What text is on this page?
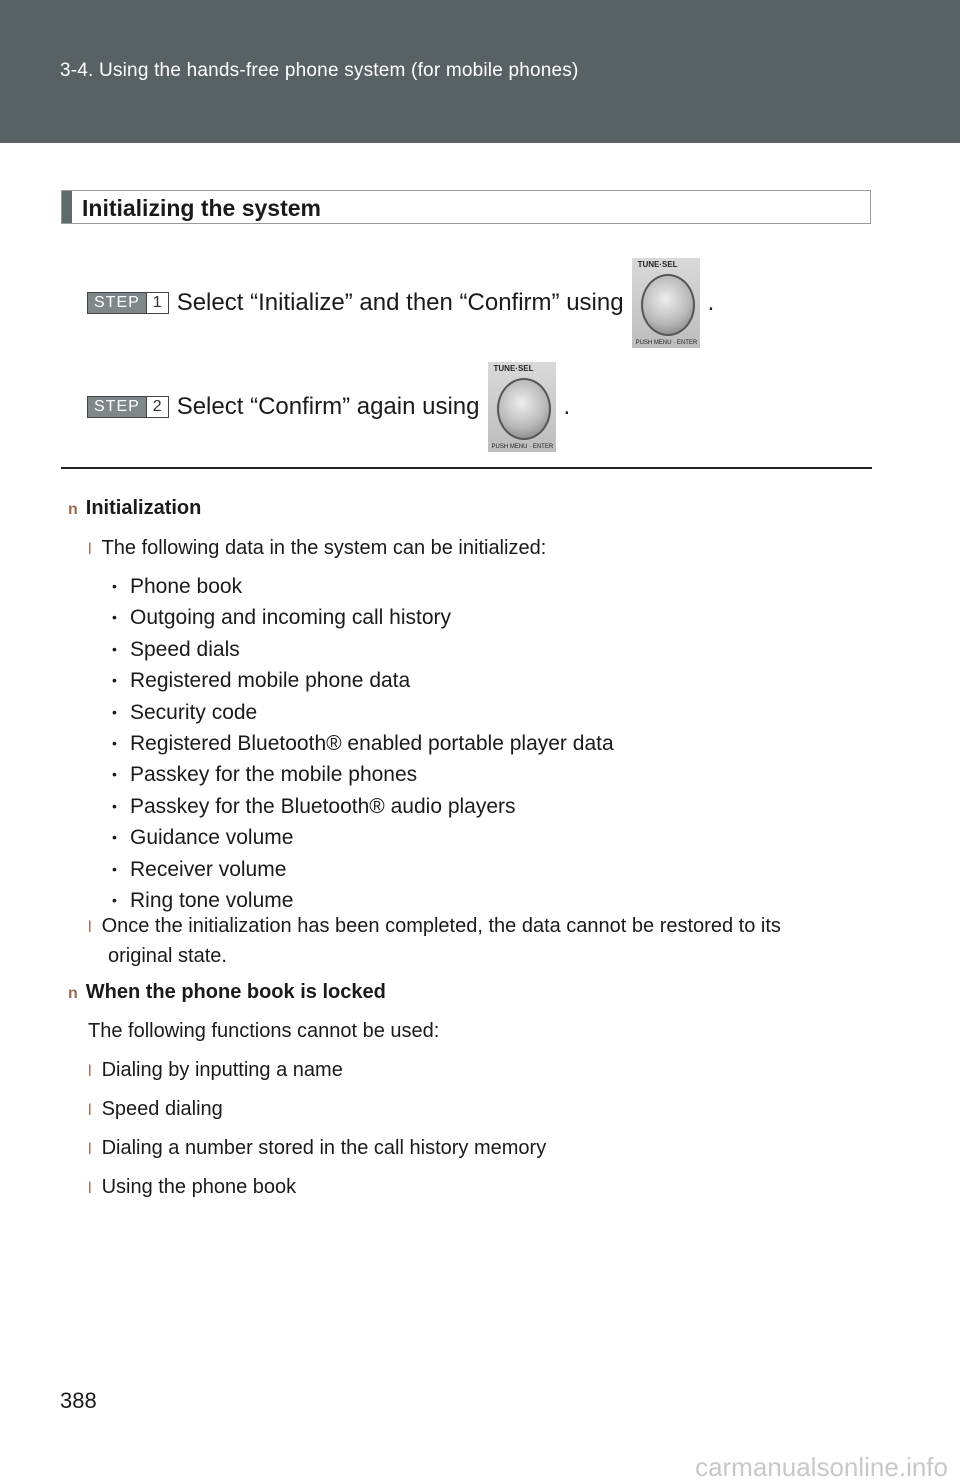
3-4. Using the hands-free phone system (for mobile phones)
Initializing the system
STEP 1 Select “Initialize” and then “Confirm” using
TUNE·SEL
PUSH MENU · ENTER
.
STEP 2 Select “Confirm” again using
TUNE·SEL
PUSH MENU · ENTER
.
n Initialization
l The following data in the system can be initialized:
• Phone book
• Outgoing and incoming call history
• Speed dials
• Registered mobile phone data
• Security code
• Registered Bluetooth® enabled portable player data
• Passkey for the mobile phones
• Passkey for the Bluetooth® audio players
• Guidance volume
• Receiver volume
• Ring tone volume
l Once the initialization has been completed, the data cannot be restored to its
original state.
n When the phone book is locked
The following functions cannot be used:
l Dialing by inputting a name
l Speed dialing
l Dialing a number stored in the call history memory
l Using the phone book
388
carmanualsonline.info
